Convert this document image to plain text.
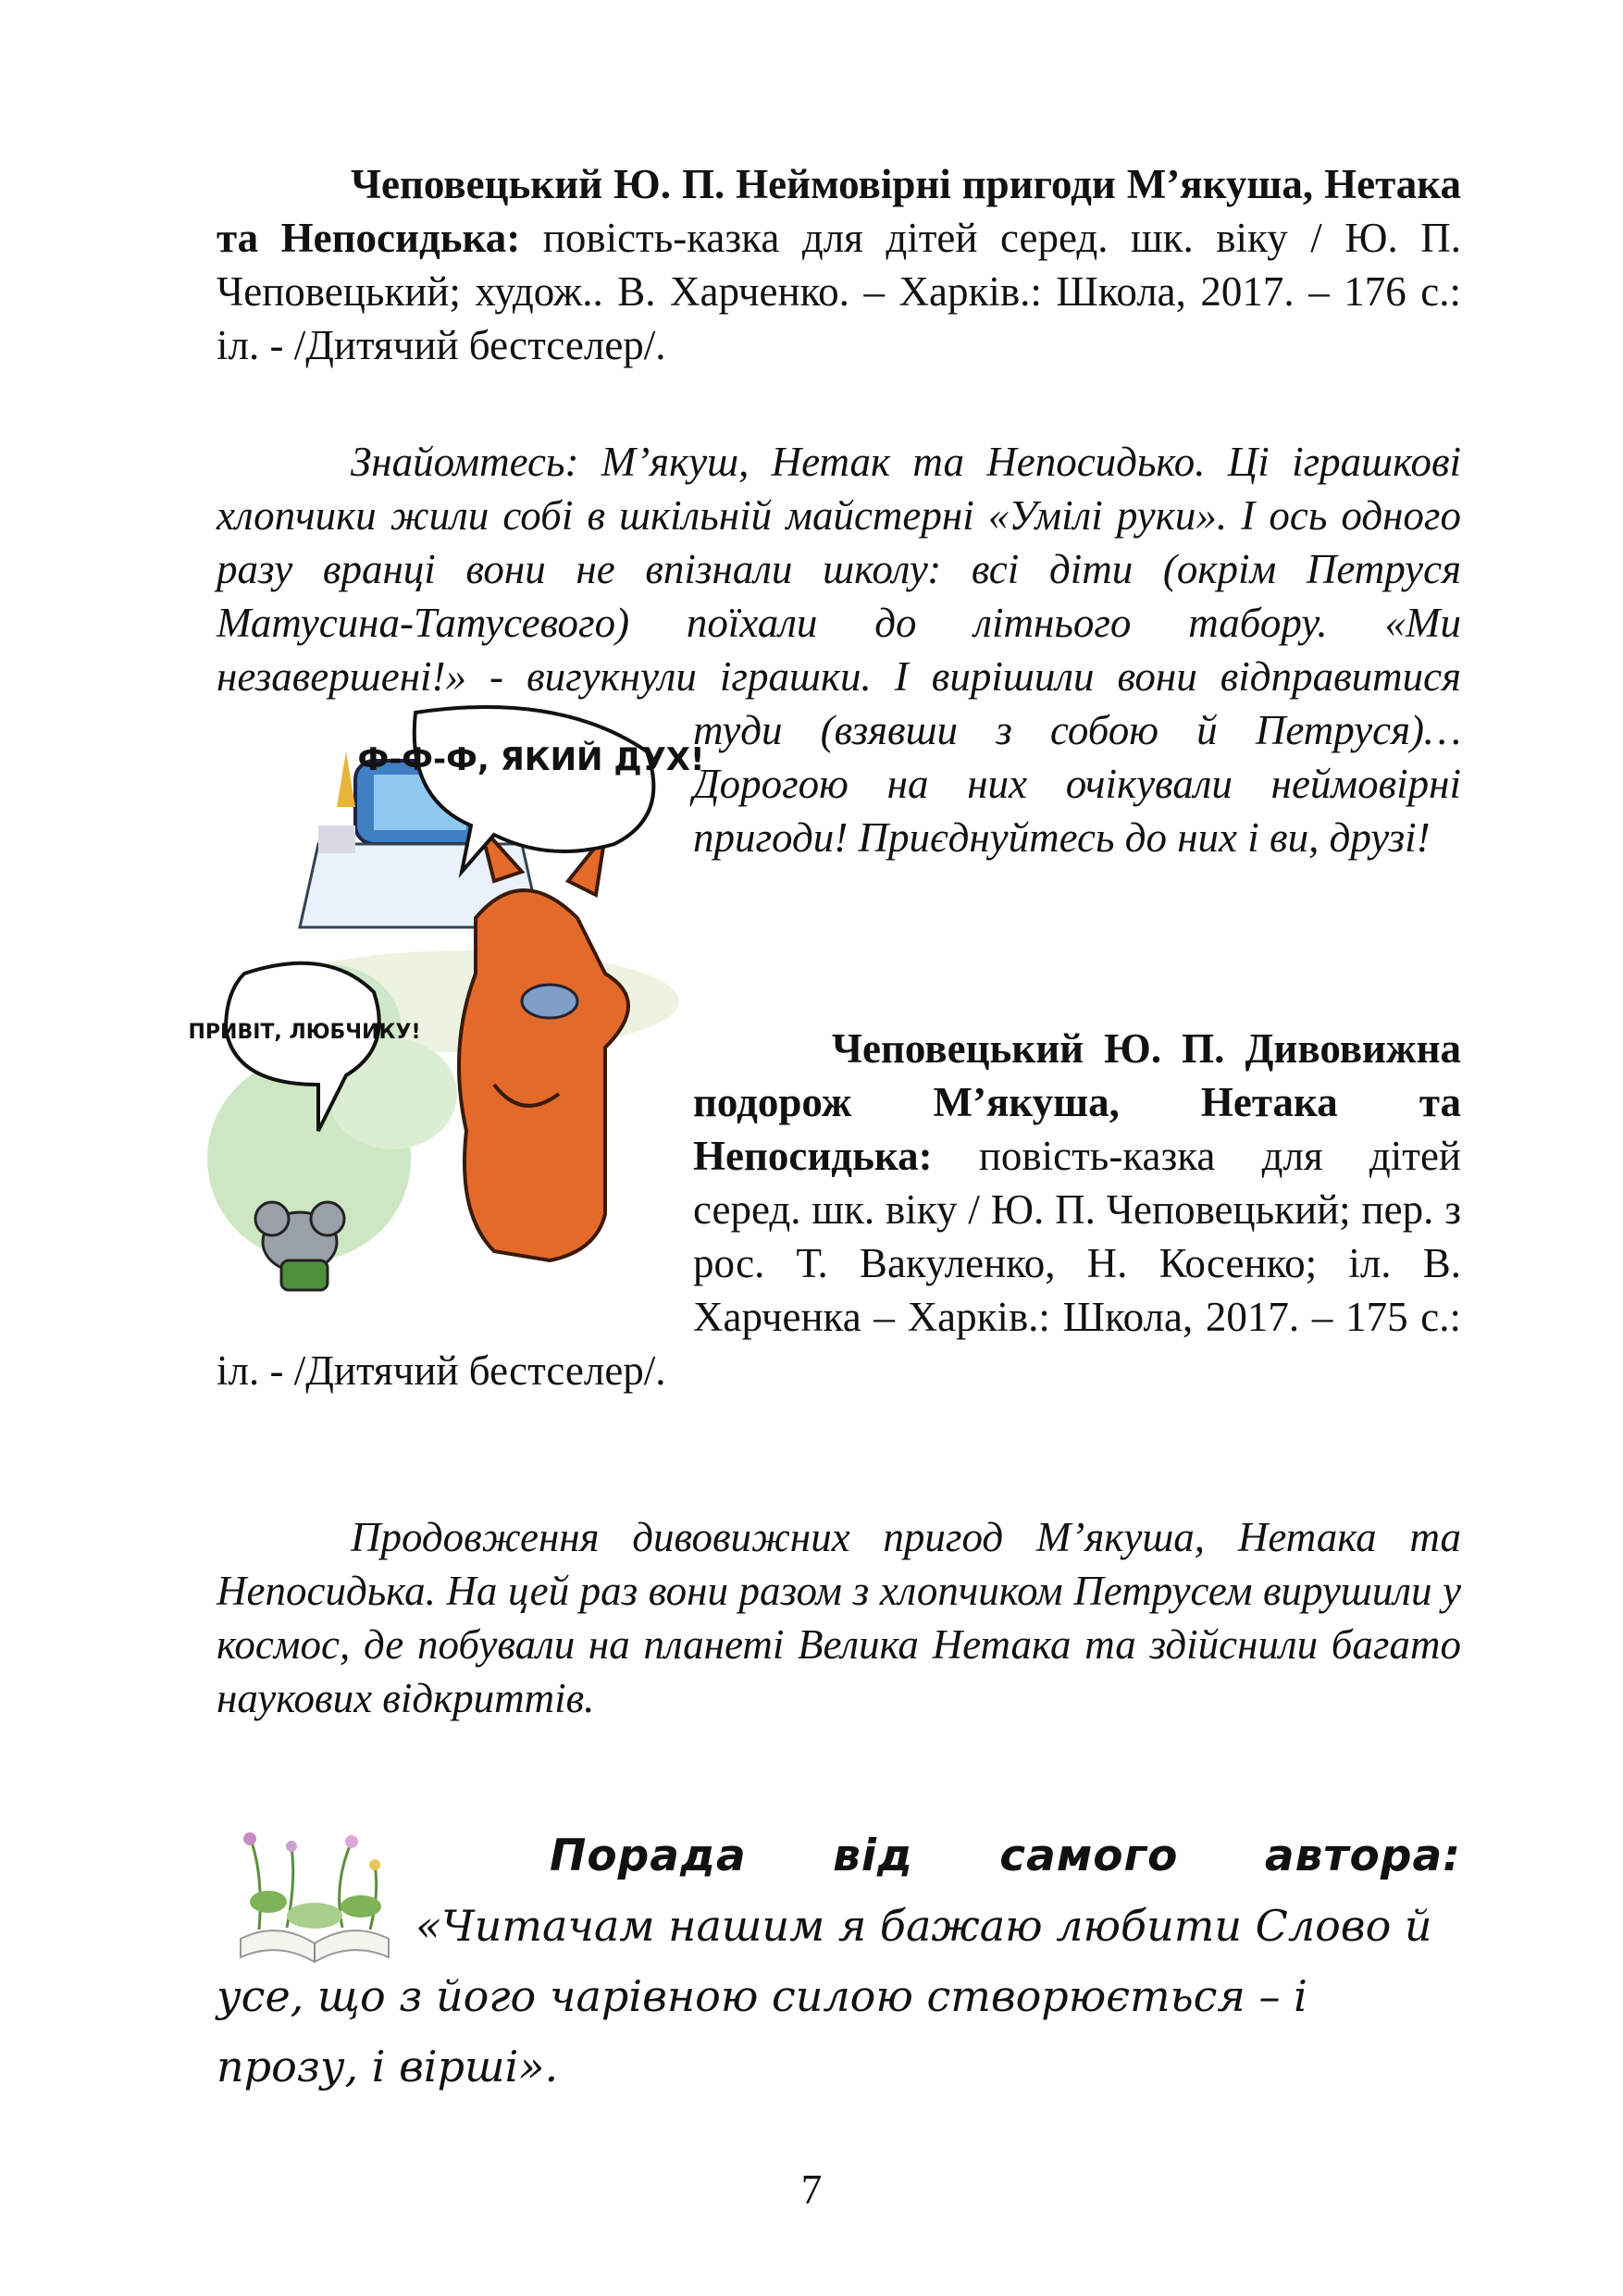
Чеповецький Ю. П. Неймовірні пригоди М’якуша, Нетака та Непосидька: повість-казка для дітей серед. шк. віку / Ю. П. Чеповецький; худож.. В. Харченко. – Харків.: Школа, 2017. – 176 с.: іл. - /Дитячий бестселер/.
Знайомтесь: М’якуш, Нетак та Непосидько. Ці іграшкові хлопчики жили собі в шкільній майстерні «Умілі руки». І ось одного разу вранці вони не впізнали школу: всі діти (окрім Петруся Матусина-Татусевого) поїхали до літнього табору. «Ми незавершені!» - вигукнули іграшки. І вирішили вони відправитися туди (взявши з собою й Петруся)… Дорогою на них очікували неймовірні пригоди! Приєднуйтесь до них і ви, друзі!
Чеповецький Ю. П. Дивовижна подорож М’якуша, Нетака та Непосидька: повість-казка для дітей серед. шк. віку / Ю. П. Чеповецький; пер. з рос. Т. Вакуленко, Н. Косенко; іл. В. Харченка – Харків.: Школа, 2017. – 175 с.: іл. - /Дитячий бестселер/.
Продовження дивовижних пригод М’якуша, Нетака та Непосидька. На цей раз вони разом з хлопчиком Петрусем вирушили у космос, де побували на планеті Велика Нетака та здійснили багато наукових відкриттів.
Ф-Ф-Ф, ЯКИЙ ДУХ!
ПРИВІТ, ЛЮБЧИКУ!
Порада від самого автора:
«Читачам нашим я бажаю любити Слово й усе, що з його чарівною силою створюється – і прозу, і вірші».
7
